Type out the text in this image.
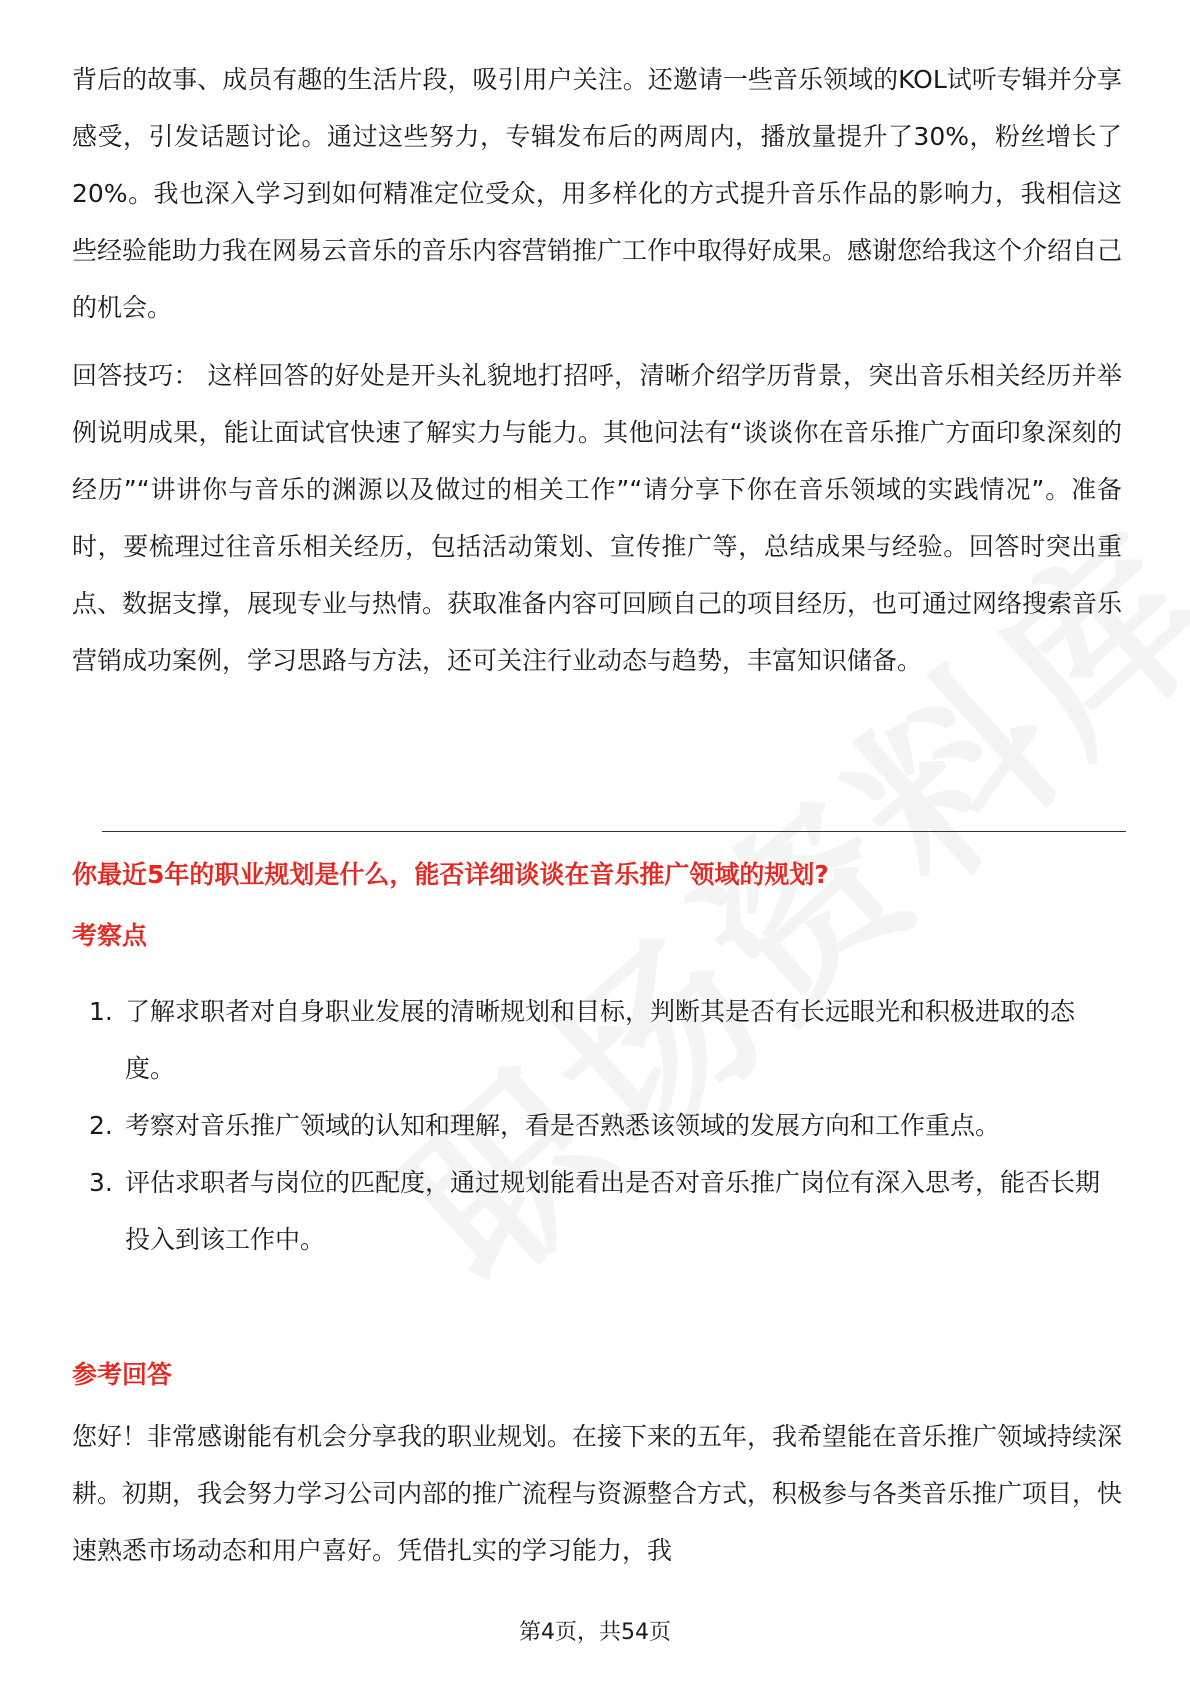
背后的故事、成员有趣的生活片段，吸引用户关注。还邀请一些音乐领域的KOL试听专辑并分享感受，引发话题讨论。通过这些努力，专辑发布后的两周内，播放量提升了30%，粉丝增长了20%。我也深入学习到如何精准定位受众，用多样化的方式提升音乐作品的影响力，我相信这些经验能助力我在网易云音乐的音乐内容营销推广工作中取得好成果。感谢您给我这个介绍自己的机会。

回答技巧： 这样回答的好处是开头礼貌地打招呼，清晰介绍学历背景，突出音乐相关经历并举例说明成果，能让面试官快速了解实力与能力。其他问法有“谈谈你在音乐推广方面印象深刻的经历”“讲讲你与音乐的渊源以及做过的相关工作”“请分享下你在音乐领域的实践情况”。准备时，要梳理过往音乐相关经历，包括活动策划、宣传推广等，总结成果与经验。回答时突出重点、数据支撑，展现专业与热情。获取准备内容可回顾自己的项目经历，也可通过网络搜索音乐营销成功案例，学习思路与方法，还可关注行业动态与趋势，丰富知识储备。

你最近5年的职业规划是什么，能否详细谈谈在音乐推广领域的规划?

考察点

1. 了解求职者对自身职业发展的清晰规划和目标，判断其是否有长远眼光和积极进取的态度。
2. 考察对音乐推广领域的认知和理解，看是否熟悉该领域的发展方向和工作重点。
3. 评估求职者与岗位的匹配度，通过规划能看出是否对音乐推广岗位有深入思考，能否长期投入到该工作中。

参考回答

您好！非常感谢能有机会分享我的职业规划。在接下来的五年，我希望能在音乐推广领域持续深耕。初期，我会努力学习公司内部的推广流程与资源整合方式，积极参与各类音乐推广项目，快速熟悉市场动态和用户喜好。凭借扎实的学习能力，我

第4页，共54页
